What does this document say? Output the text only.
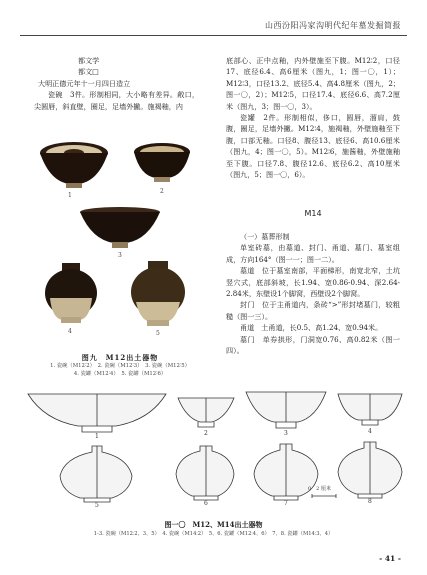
山西汾阳冯家沟明代纪年墓发掘简报

都文学

都文□

大明正德元年十一月四日造立

瓷碗　3件。形制相同，大小略有差异。敞口，尖圆唇，斜直壁，圈足，足墙外撇。施褐釉，内

1
2
3
4	5
图九　M12出土器物
1. 瓷碗（M12∶2）　2. 瓷碗（M12∶3）　3. 瓷碗（M12∶5）
4. 瓷罐（M12∶4）　5. 瓷罐（M12∶6）

底部心、正中点釉，内外壁施至下腹。M12∶2，口径17、底径6.4、高6厘米（图九，1；图一〇，1）；M12∶3，口径13.2、底径5.4、高4.8厘米（图九，2；图一〇，2）；M12∶5，口径17.4、底径6.6、高7.2厘米（图九，3；图一〇，3）。

瓷罐　2件。形制相似，侈口，圆唇，溜肩，鼓腹，圈足，足墙外撇。M12∶4，施褐釉，外壁施釉至下腹，口部无釉。口径8、腹径13、底径6、高10.6厘米（图九，4；图一〇，5）。M12∶6，施酱釉，外壁施釉至下腹。口径7.8、腹径12.6、底径6.2、高10厘米（图九，5；图一〇，6）。

M14

（一）墓葬形制

单室砖墓，由墓道、封门、甬道、墓门、墓室组成，方向164°（图一一；图一二）。

墓道　位于墓室南部，平面梯形，南宽北窄，土坑竖穴式，底部斜坡，长1.94、宽0.86-0.94、深2.64-2.84米，东壁设1个脚窝，西壁设2个脚窝。

封门　位于主甬道内，条砖“>”形封堵墓门，较粗糙（图一三）。

甬道　土甬道，长0.5、高1.24、宽0.94米。

墓门　单券拱形，门洞宽0.76、高0.82米（图一四）。

1	2	3	4
5	6	7	8
0　2 厘米
图一〇　M12、M14出土器物
1-3. 瓷碗（M12∶2、3、5）　4. 瓷碗（M14∶2）　5、6. 瓷罐（M12∶4、6）　7、8. 瓷罐（M14∶3、4）
- 41 -
